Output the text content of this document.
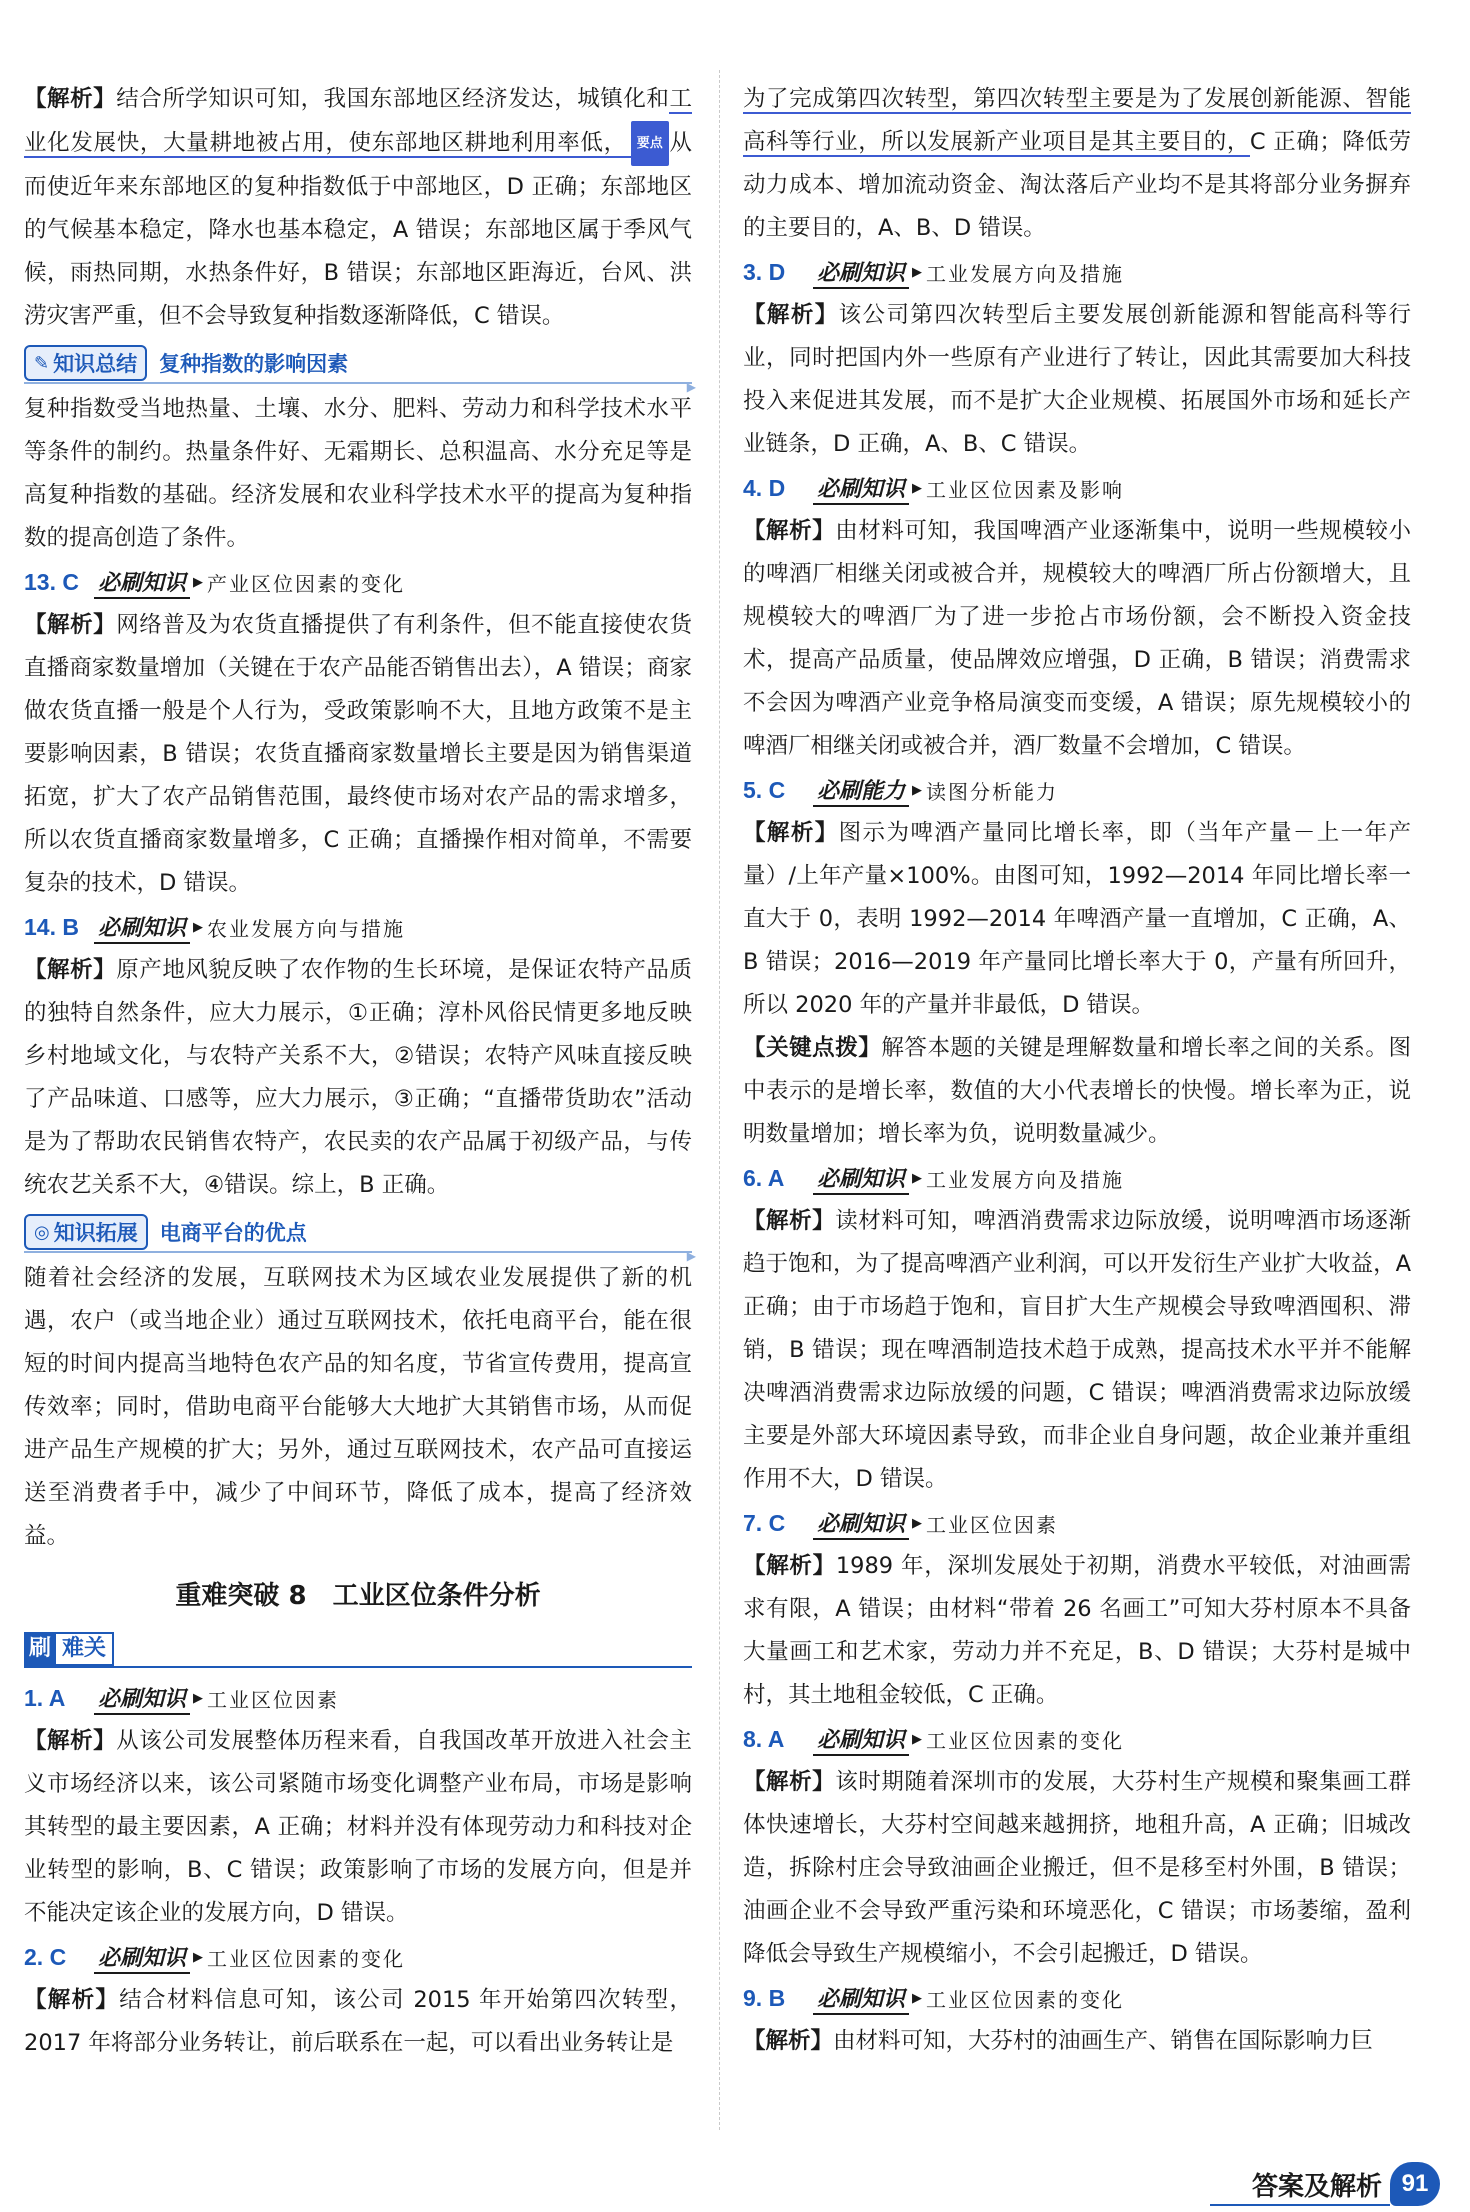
【解析】结合所学知识可知，我国东部地区经济发达，城镇化和工业化发展快，大量耕地被占用，使东部地区耕地利用率低， 要点 从而使近年来东部地区的复种指数低于中部地区，D 正确；东部地区的气候基本稳定，降水也基本稳定，A 错误；东部地区属于季风气候，雨热同期，水热条件好，B 错误；东部地区距海近，台风、洪涝灾害严重，但不会导致复种指数逐渐降低，C 错误。

✎ 知识总结 复种指数的影响因素
▶

复种指数受当地热量、土壤、水分、肥料、劳动力和科学技术水平等条件的制约。热量条件好、无霜期长、总积温高、水分充足等是高复种指数的基础。经济发展和农业科学技术水平的提高为复种指数的提高创造了条件。

13. C 必刷知识 ▶ 产业区位因素的变化

【解析】网络普及为农货直播提供了有利条件，但不能直接使农货直播商家数量增加（关键在于农产品能否销售出去），A 错误；商家做农货直播一般是个人行为，受政策影响不大，且地方政策不是主要影响因素，B 错误；农货直播商家数量增长主要是因为销售渠道拓宽，扩大了农产品销售范围，最终使市场对农产品的需求增多，所以农货直播商家数量增多，C 正确；直播操作相对简单，不需要复杂的技术，D 错误。

14. B 必刷知识 ▶ 农业发展方向与措施

【解析】原产地风貌反映了农作物的生长环境，是保证农特产品质的独特自然条件，应大力展示，①正确；淳朴风俗民情更多地反映乡村地域文化，与农特产关系不大，②错误；农特产风味直接反映了产品味道、口感等，应大力展示，③正确；“直播带货助农”活动是为了帮助农民销售农特产，农民卖的农产品属于初级产品，与传统农艺关系不大，④错误。综上，B 正确。

◎ 知识拓展 电商平台的优点
▶

随着社会经济的发展，互联网技术为区域农业发展提供了新的机遇，农户（或当地企业）通过互联网技术，依托电商平台，能在很短的时间内提高当地特色农产品的知名度，节省宣传费用，提高宣传效率；同时，借助电商平台能够大大地扩大其销售市场，从而促进产品生产规模的扩大；另外，通过互联网技术，农产品可直接运送至消费者手中，减少了中间环节，降低了成本，提高了经济效益。

重难突破 8　工业区位条件分析
刷 难关
1. A	必刷知识 ▶ 工业区位因素

【解析】从该公司发展整体历程来看，自我国改革开放进入社会主义市场经济以来，该公司紧随市场变化调整产业布局，市场是影响其转型的最主要因素，A 正确；材料并没有体现劳动力和科技对企业转型的影响，B、C 错误；政策影响了市场的发展方向，但是并不能决定该企业的发展方向，D 错误。

2. C	必刷知识 ▶ 工业区位因素的变化

【解析】结合材料信息可知，该公司 2015 年开始第四次转型，2017 年将部分业务转让，前后联系在一起，可以看出业务转让是

为了完成第四次转型，第四次转型主要是为了发展创新能源、智能高科等行业，所以发展新产业项目是其主要目的，C 正确；降低劳动力成本、增加流动资金、淘汰落后产业均不是其将部分业务摒弃的主要目的，A、B、D 错误。

3. D	必刷知识 ▶ 工业发展方向及措施

【解析】该公司第四次转型后主要发展创新能源和智能高科等行业，同时把国内外一些原有产业进行了转让，因此其需要加大科技投入来促进其发展，而不是扩大企业规模、拓展国外市场和延长产业链条，D 正确，A、B、C 错误。

4. D	必刷知识 ▶ 工业区位因素及影响

【解析】由材料可知，我国啤酒产业逐渐集中，说明一些规模较小的啤酒厂相继关闭或被合并，规模较大的啤酒厂所占份额增大，且规模较大的啤酒厂为了进一步抢占市场份额，会不断投入资金技术，提高产品质量，使品牌效应增强，D 正确，B 错误；消费需求不会因为啤酒产业竞争格局演变而变缓，A 错误；原先规模较小的啤酒厂相继关闭或被合并，酒厂数量不会增加，C 错误。

5. C	必刷能力 ▶ 读图分析能力

【解析】图示为啤酒产量同比增长率，即（当年产量－上一年产量）/上年产量×100%。由图可知，1992—2014 年同比增长率一直大于 0，表明 1992—2014 年啤酒产量一直增加，C 正确，A、B 错误；2016—2019 年产量同比增长率大于 0，产量有所回升，所以 2020 年的产量并非最低，D 错误。

【关键点拨】解答本题的关键是理解数量和增长率之间的关系。图中表示的是增长率，数值的大小代表增长的快慢。增长率为正，说明数量增加；增长率为负，说明数量减少。

6. A	必刷知识 ▶ 工业发展方向及措施

【解析】读材料可知，啤酒消费需求边际放缓，说明啤酒市场逐渐趋于饱和，为了提高啤酒产业利润，可以开发衍生产业扩大收益，A 正确；由于市场趋于饱和，盲目扩大生产规模会导致啤酒囤积、滞销，B 错误；现在啤酒制造技术趋于成熟，提高技术水平并不能解决啤酒消费需求边际放缓的问题，C 错误；啤酒消费需求边际放缓主要是外部大环境因素导致，而非企业自身问题，故企业兼并重组作用不大，D 错误。

7. C	必刷知识 ▶ 工业区位因素

【解析】1989 年，深圳发展处于初期，消费水平较低，对油画需求有限，A 错误；由材料“带着 26 名画工”可知大芬村原本不具备大量画工和艺术家，劳动力并不充足，B、D 错误；大芬村是城中村，其土地租金较低，C 正确。

8. A	必刷知识 ▶ 工业区位因素的变化

【解析】该时期随着深圳市的发展，大芬村生产规模和聚集画工群体快速增长，大芬村空间越来越拥挤，地租升高，A 正确；旧城改造，拆除村庄会导致油画企业搬迁，但不是移至村外围，B 错误；油画企业不会导致严重污染和环境恶化，C 错误；市场萎缩，盈利降低会导致生产规模缩小，不会引起搬迁，D 错误。

9. B	必刷知识 ▶ 工业区位因素的变化

【解析】由材料可知，大芬村的油画生产、销售在国际影响力巨

答案及解析 91
